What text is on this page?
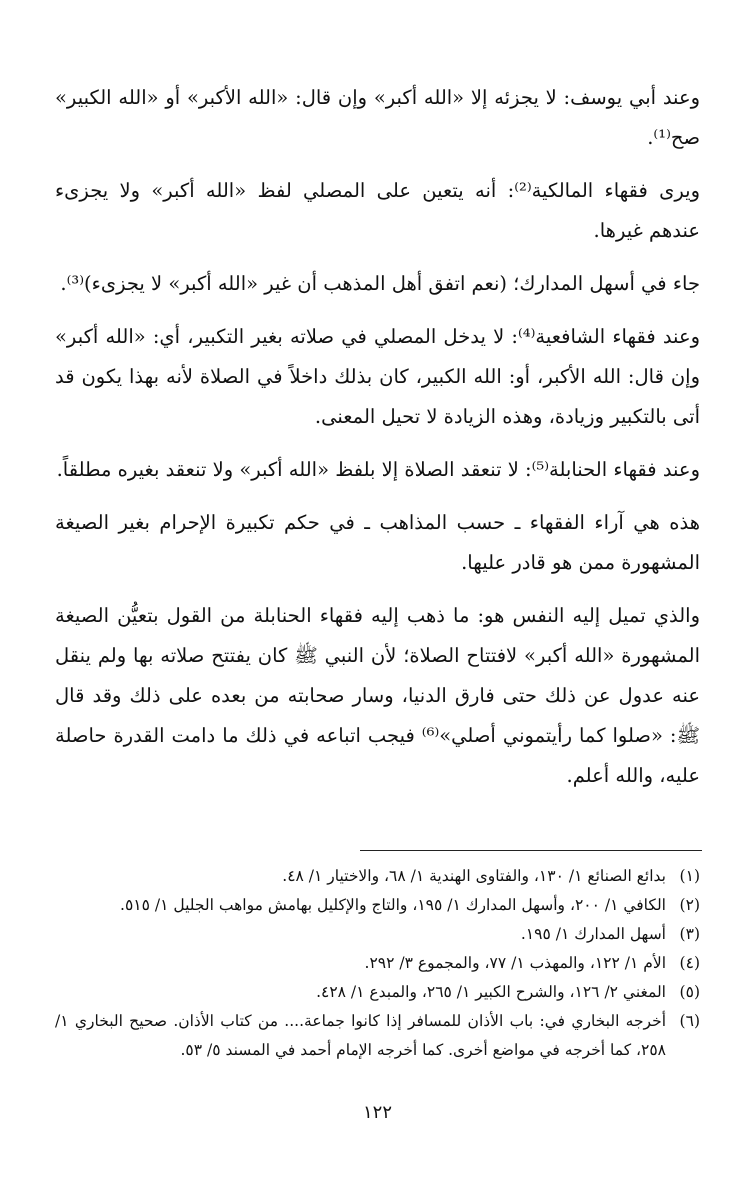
وعند أبي يوسف: لا يجزئه إلا «الله أكبر» وإن قال: «الله الأكبر» أو «الله الكبير» صح⁽¹⁾.

ويرى فقهاء المالكية⁽²⁾: أنه يتعين على المصلي لفظ «الله أكبر» ولا يجزىء عندهم غيرها.

جاء في أسهل المدارك؛ (نعم اتفق أهل المذهب أن غير «الله أكبر» لا يجزىء)⁽³⁾.

وعند فقهاء الشافعية⁽⁴⁾: لا يدخل المصلي في صلاته بغير التكبير، أي: «الله أكبر» وإن قال: الله الأكبر، أو: الله الكبير، كان بذلك داخلاً في الصلاة لأنه بهذا يكون قد أتى بالتكبير وزيادة، وهذه الزيادة لا تحيل المعنى.

وعند فقهاء الحنابلة⁽⁵⁾: لا تنعقد الصلاة إلا بلفظ «الله أكبر» ولا تنعقد بغيره مطلقاً.

هذه هي آراء الفقهاء ـ حسب المذاهب ـ في حكم تكبيرة الإحرام بغير الصيغة المشهورة ممن هو قادر عليها.

والذي تميل إليه النفس هو: ما ذهب إليه فقهاء الحنابلة من القول بتعيُّن الصيغة المشهورة «الله أكبر» لافتتاح الصلاة؛ لأن النبي ﷺ كان يفتتح صلاته بها ولم ينقل عنه عدول عن ذلك حتى فارق الدنيا، وسار صحابته من بعده على ذلك وقد قال ﷺ: «صلوا كما رأيتموني أصلي»⁽⁶⁾ فيجب اتباعه في ذلك ما دامت القدرة حاصلة عليه، والله أعلم.

(١)
بدائع الصنائع ١/ ١٣٠، والفتاوى الهندية ١/ ٦٨، والاختيار ١/ ٤٨.
(٢)
الكافي ١/ ٢٠٠، وأسهل المدارك ١/ ١٩٥، والتاج والإكليل بهامش مواهب الجليل ١/ ٥١٥.
(٣)
أسهل المدارك ١/ ١٩٥.
(٤)
الأم ١/ ١٢٢، والمهذب ١/ ٧٧، والمجموع ٣/ ٢٩٢.
(٥)
المغني ٢/ ١٢٦، والشرح الكبير ١/ ٢٦٥، والمبدع ١/ ٤٢٨.
(٦)
أخرجه البخاري في: باب الأذان للمسافر إذا كانوا جماعة.... من كتاب الأذان. صحيح البخاري ١/ ٢٥٨، كما أخرجه في مواضع أخرى. كما أخرجه الإمام أحمد في المسند ٥/ ٥٣.
١٢٢
